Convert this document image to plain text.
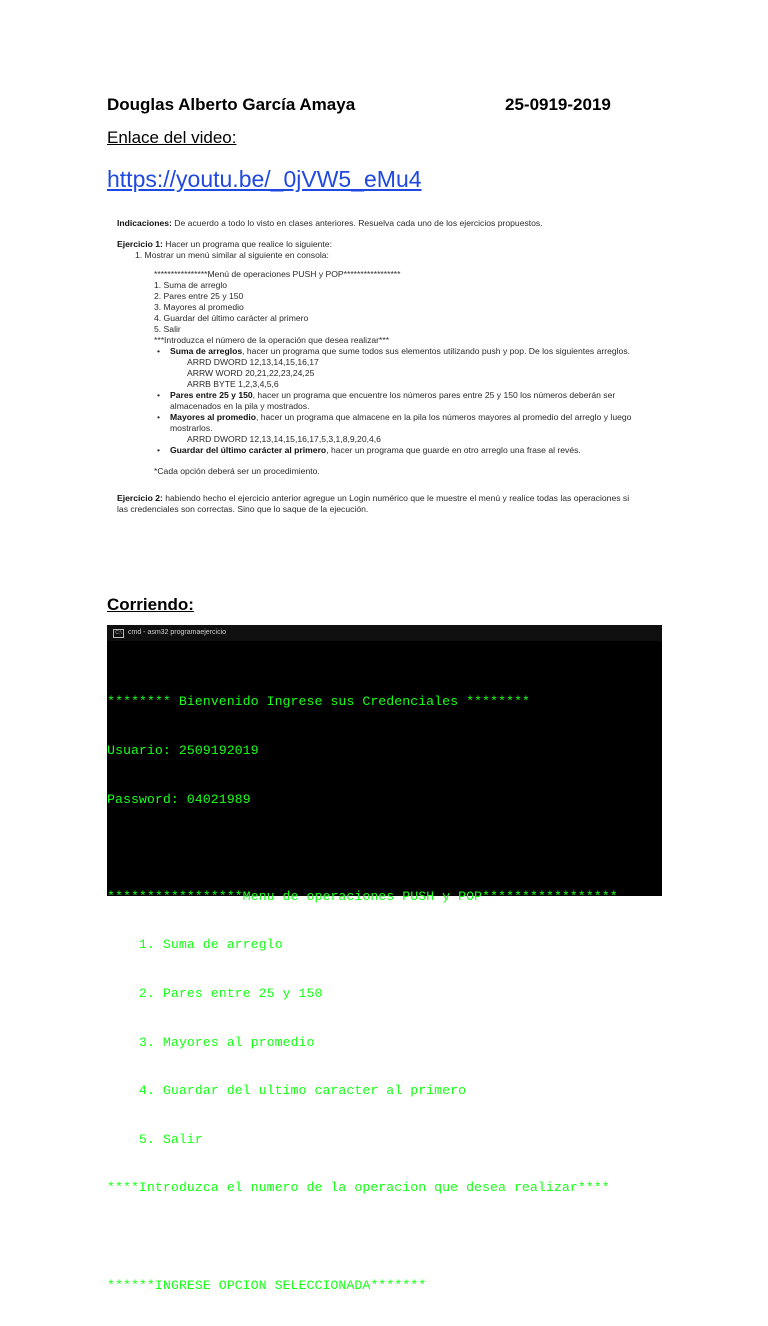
Douglas Alberto García Amaya	25-0919-2019
Enlace del video:
https://youtu.be/_0jVW5_eMu4

Indicaciones: De acuerdo a todo lo visto en clases anteriores. Resuelva cada uno de los ejercicios propuestos.

Ejercicio 1: Hacer un programa que realice lo siguiente:

1. Mostrar un menú similar al siguiente en consola:

****************Menú de operaciones PUSH y POP*****************

1. Suma de arreglo

2. Pares entre 25 y 150

3. Mayores al promedio

4. Guardar del último carácter al primero

5. Salir

***Introduzca el número de la operación que desea realizar***

• Suma de arreglos, hacer un programa que sume todos sus elementos utilizando push y pop. De los siguientes arreglos.

ARRD DWORD 12,13,14,15,16,17

ARRW WORD 20,21,22,23,24,25

ARRB BYTE 1,2,3,4,5,6

• Pares entre 25 y 150, hacer un programa que encuentre los números pares entre 25 y 150 los números deberán ser almacenados en la pila y mostrados.

• Mayores al promedio, hacer un programa que almacene en la pila los números mayores al promedio del arreglo y luego mostrarlos.

ARRD DWORD 12,13,14,15,16,17,5,3,1,8,9,20,4,6

• Guardar del último carácter al primero, hacer un programa que guarde en otro arreglo una frase al revés.

*Cada opción deberá ser un procedimiento.

Ejercicio 2: habiendo hecho el ejercicio anterior agregue un Login numérico que le muestre el menú y realice todas las operaciones si las credenciales son correctas. Sino que lo saque de la ejecución.

Corriendo:
C:\ cmd - asm32 programaejercicio

******** Bienvenido Ingrese sus Credenciales ********

Usuario: 2509192019

Password: 04021989

*****************Menu de operaciones PUSH y POP*****************

1. Suma de arreglo

2. Pares entre 25 y 150

3. Mayores al promedio

4. Guardar del ultimo caracter al primero

5. Salir

****Introduzca el numero de la operacion que desea realizar****

******INGRESE OPCION SELECCIONADA*******
